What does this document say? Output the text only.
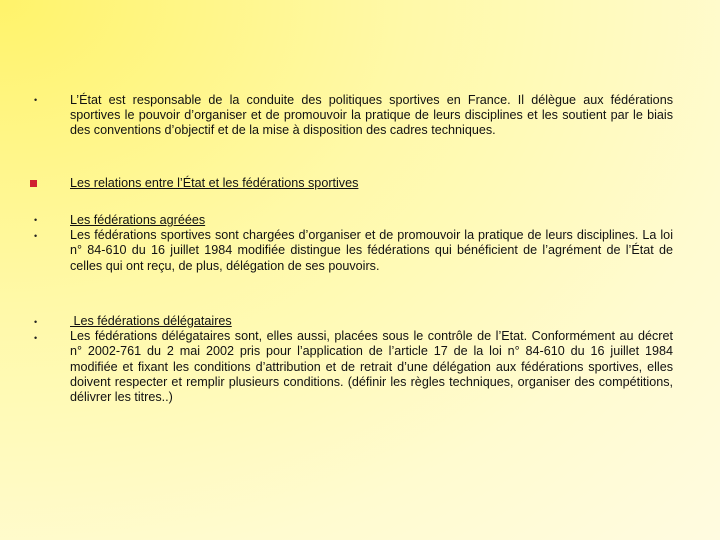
•	L’État est responsable de la conduite des politiques sportives en France. Il délègue aux fédérations sportives le pouvoir d’organiser et de promouvoir la pratique de leurs disciplines et les soutient par le biais des conventions d’objectif et de la mise à disposition des cadres techniques.

Les relations entre l’État et les fédérations sportives

•
•
Les fédérations agréées
Les fédérations sportives sont chargées d’organiser et de promouvoir la pratique de leurs disciplines. La loi n° 84-610 du 16 juillet 1984 modifiée distingue les fédérations qui bénéficient de l’agrément de l’État de celles qui ont reçu, de plus, délégation de ses pouvoirs.
•
•
Les fédérations délégataires
Les fédérations délégataires sont, elles aussi, placées sous le contrôle de l’Etat. Conformément au décret n° 2002-761 du 2 mai 2002 pris pour l’application de l’article 17 de la loi n° 84-610 du 16 juillet 1984 modifiée et fixant les conditions d’attribution et de retrait d’une délégation aux fédérations sportives, elles doivent respecter et remplir plusieurs conditions. (définir les règles techniques, organiser des compétitions, délivrer les titres..)
